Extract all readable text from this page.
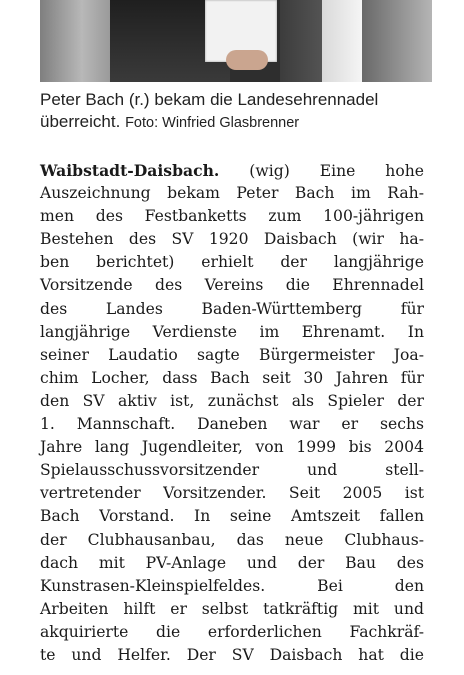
Peter Bach (r.) bekam die Landesehrennadel
überreicht. Foto: Winfried Glasbrenner
Waibstadt-Daisbach. (wig) Eine hohe
Auszeichnung bekam Peter Bach im Rah-
men des Festbanketts zum 100-jährigen
Bestehen des SV 1920 Daisbach (wir ha-
ben berichtet) erhielt der langjährige
Vorsitzende des Vereins die Ehrennadel
des Landes Baden-Württemberg für
langjährige Verdienste im Ehrenamt. In
seiner Laudatio sagte Bürgermeister Joa-
chim Locher, dass Bach seit 30 Jahren für
den SV aktiv ist, zunächst als Spieler der
1. Mannschaft. Daneben war er sechs
Jahre lang Jugendleiter, von 1999 bis 2004
Spielausschussvorsitzender und stell-
vertretender Vorsitzender. Seit 2005 ist
Bach Vorstand. In seine Amtszeit fallen
der Clubhausanbau, das neue Clubhaus-
dach mit PV-Anlage und der Bau des
Kunstrasen-Kleinspielfeldes. Bei den
Arbeiten hilft er selbst tatkräftig mit und
akquirierte die erforderlichen Fachkräf-
te und Helfer. Der SV Daisbach hat die
